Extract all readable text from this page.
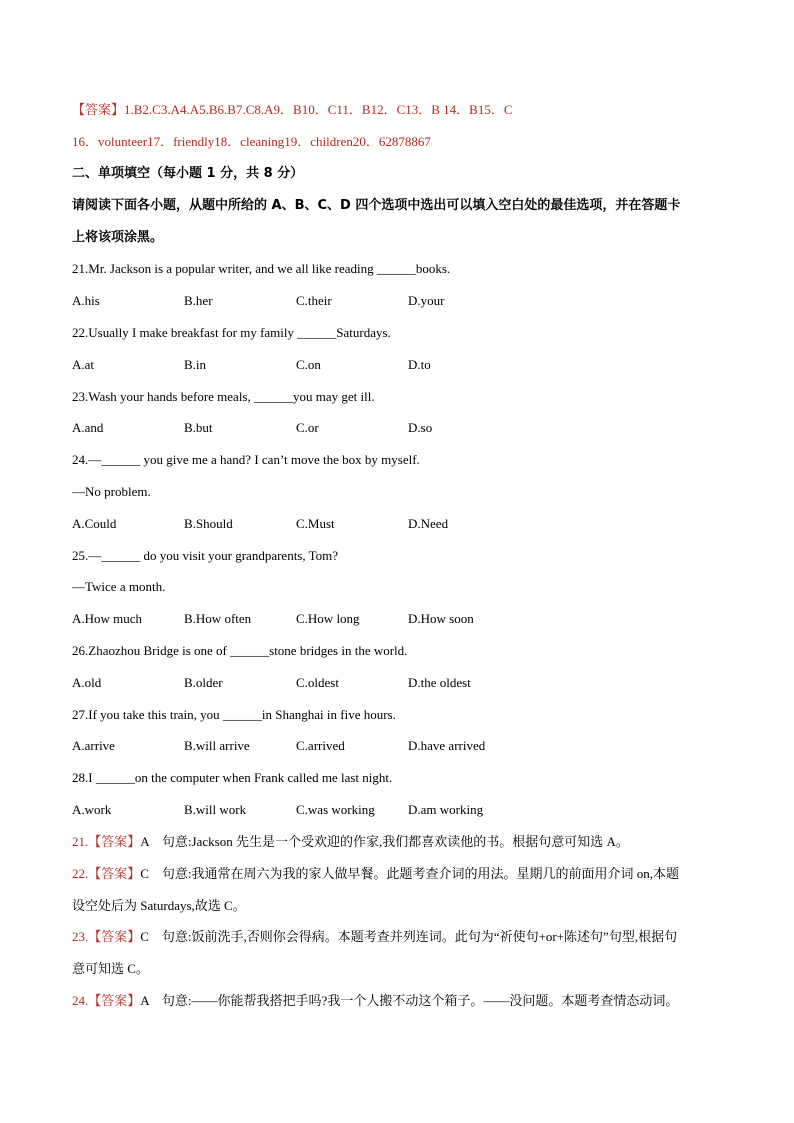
【答案】1.B2.C3.A4.A5.B6.B7.C8.A9．B10．C11．B12．C13．B 14．B15．C
16．volunteer17．friendly18．cleaning19．children20．62878867
二、单项填空（每小题 1 分，共 8 分）
请阅读下面各小题，从题中所给的 A、B、C、D 四个选项中选出可以填入空白处的最佳选项，并在答题卡
上将该项涂黑。
21.Mr. Jackson is a popular writer, and we all like reading ______books.
A.his	B.her	C.their	D.your
22.Usually I make breakfast for my family ______Saturdays.
A.at	B.in	C.on	D.to
23.Wash your hands before meals, ______you may get ill.
A.and	B.but	C.or	D.so
24.—______ you give me a hand? I can’t move the box by myself.
—No problem.
A.Could	B.Should	C.Must	D.Need
25.—______ do you visit your grandparents, Tom?
—Twice a month.
A.How much	B.How often	C.How long	D.How soon
26.Zhaozhou Bridge is one of ______stone bridges in the world.
A.old	B.older	C.oldest	D.the oldest
27.If you take this train, you ______in Shanghai in five hours.
A.arrive	B.will arrive	C.arrived	D.have arrived
28.I ______on the computer when Frank called me last night.
A.work	B.will work	C.was working	D.am working
21.【答案】A　句意:Jackson 先生是一个受欢迎的作家,我们都喜欢读他的书。根据句意可知选 A。
22.【答案】C　句意:我通常在周六为我的家人做早餐。此题考查介词的用法。星期几的前面用介词 on,本题
设空处后为 Saturdays,故选 C。
23.【答案】C　句意:饭前洗手,否则你会得病。本题考查并列连词。此句为“祈使句+or+陈述句”句型,根据句
意可知选 C。
24.【答案】A　句意:——你能帮我搭把手吗?我一个人搬不动这个箱子。——没问题。本题考查情态动词。
